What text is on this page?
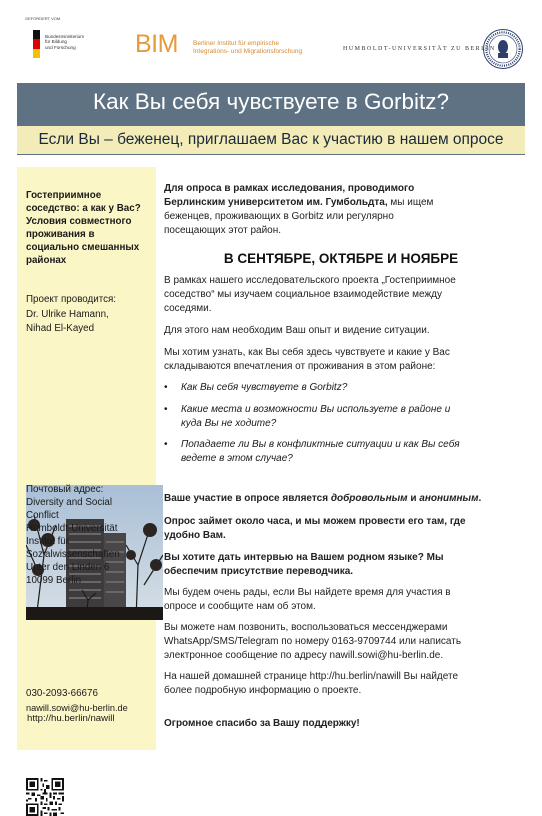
GEFÖRDERT VOM
Bundesministerium
für Bildung
und Forschung	BIM Berliner Institut für empirische
Integrations- und Migrationsforschung	HUMBOLDT-UNIVERSITÄT ZU BERLIN
Как Вы себя чувствуете в Gorbitz?
Если Вы – беженец, приглашаем Вас к участию в нашем опросе
Гостеприимное
соседство: а как у Вас?
Условия совместного
проживания в
социально смешанных
районах
Проект проводится:
Dr. Ulrike Hamann,
Nihad El-Kayed
Почтовый адрес:
Diversity and Social
Conflict
Humboldt-Universität
Institut für
Sozialwissenschaften
Unter den Linden 6
10099 Berlin
030-2093-66676
nawill.sowi@hu-berlin.de
http://hu.berlin/nawill
Для опроса в рамках исследования, проводимого
Берлинским университетом им. Гумбольдта, мы ищем
беженцев, проживающих в Gorbitz или регулярно
посещающих этот район.
В СЕНТЯБРЕ, ОКТЯБРЕ И НОЯБРЕ
В рамках нашего исследовательского проекта „Гостеприимное
соседство“ мы изучаем социальное взаимодействие между
соседями.
Для этого нам необходим Ваш опыт и видение ситуации.
Мы хотим узнать, как Вы себя здесь чувствуете и какие у Вас
складываются впечатления от проживания в этом районе:
• Как Вы себя чувствуете в Gorbitz?
• Какие места и возможности Вы используете в районе и
куда Вы не ходите?
• Попадаете ли Вы в конфликтные ситуации и как Вы себя
ведете в этом случае?
Ваше участие в опросе является добровольным и анонимным.
Опрос займет около часа, и мы можем провести его там, где
удобно Вам.
Вы хотите дать интервью на Вашем родном языке? Мы
обеспечим присутствие переводчика.
Мы будем очень рады, если Вы найдете время для участия в
опросе и сообщите нам об этом.
Вы можете нам позвонить, воспользоваться мессенджерами
WhatsApp/SMS/Telegram по номеру 0163-9709744 или написать
электронное сообщение по адресу nawill.sowi@hu-berlin.de.
На нашей домашней странице http://hu.berlin/nawill Вы найдете
более подробную информацию о проекте.
Огромное спасибо за Вашу поддержку!
